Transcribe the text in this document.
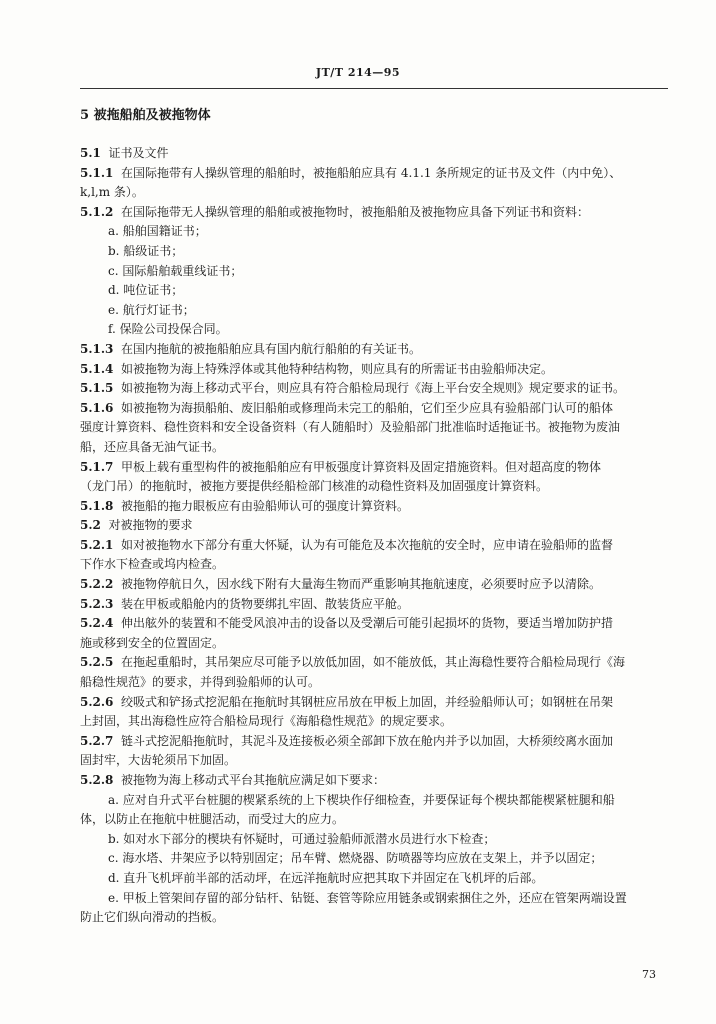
JT/T 214—95
5 被拖船舶及被拖物体
5.1 证书及文件
5.1.1 在国际拖带有人操纵管理的船舶时，被拖船舶应具有 4.1.1 条所规定的证书及文件（内中免）、
k,l,m 条）。
5.1.2 在国际拖带无人操纵管理的船舶或被拖物时，被拖船舶及被拖物应具备下列证书和资料：
a. 船舶国籍证书；
b. 船级证书；
c. 国际船舶载重线证书；
d. 吨位证书；
e. 航行灯证书；
f. 保险公司投保合同。
5.1.3 在国内拖航的被拖船舶应具有国内航行船舶的有关证书。
5.1.4 如被拖物为海上特殊浮体或其他特种结构物，则应具有的所需证书由验船师决定。
5.1.5 如被拖物为海上移动式平台，则应具有符合船检局现行《海上平台安全规则》规定要求的证书。
5.1.6 如被拖物为海损船舶、废旧船舶或修理尚未完工的船舶，它们至少应具有验船部门认可的船体
强度计算资料、稳性资料和安全设备资料（有人随船时）及验船部门批准临时适拖证书。被拖物为废油
船，还应具备无油气证书。
5.1.7 甲板上载有重型构件的被拖船舶应有甲板强度计算资料及固定措施资料。但对超高度的物体
（龙门吊）的拖航时，被拖方要提供经船检部门核准的动稳性资料及加固强度计算资料。
5.1.8 被拖船的拖力眼板应有由验船师认可的强度计算资料。
5.2 对被拖物的要求
5.2.1 如对被拖物水下部分有重大怀疑，认为有可能危及本次拖航的安全时，应申请在验船师的监督
下作水下检查或坞内检查。
5.2.2 被拖物停航日久，因水线下附有大量海生物而严重影响其拖航速度，必须要时应予以清除。
5.2.3 装在甲板或船舱内的货物要绑扎牢固、散装货应平舱。
5.2.4 伸出舷外的装置和不能受风浪冲击的设备以及受潮后可能引起损坏的货物，要适当增加防护措
施或移到安全的位置固定。
5.2.5 在拖起重船时，其吊架应尽可能予以放低加固，如不能放低，其止海稳性要符合船检局现行《海
船稳性规范》的要求，并得到验船师的认可。
5.2.6 绞吸式和铲扬式挖泥船在拖航时其钢桩应吊放在甲板上加固，并经验船师认可；如钢桩在吊架
上封固，其出海稳性应符合船检局现行《海船稳性规范》的规定要求。
5.2.7 链斗式挖泥船拖航时，其泥斗及连接板必须全部卸下放在舱内并予以加固，大桥须绞离水面加
固封牢，大齿轮须吊下加固。
5.2.8 被拖物为海上移动式平台其拖航应满足如下要求：
a. 应对自升式平台桩腿的楔紧系统的上下楔块作仔细检查，并要保证每个楔块都能楔紧桩腿和船
体，以防止在拖航中桩腿活动，而受过大的应力。
b. 如对水下部分的楔块有怀疑时，可通过验船师派潜水员进行水下检查；
c. 海水塔、井架应予以特别固定；吊车臂、燃烧器、防喷器等均应放在支架上，并予以固定；
d. 直升飞机坪前半部的活动坪，在远洋拖航时应把其取下并固定在飞机坪的后部。
e. 甲板上管架间存留的部分钻杆、钻铤、套管等除应用链条或钢索捆住之外，还应在管架两端设置
防止它们纵向滑动的挡板。
73
